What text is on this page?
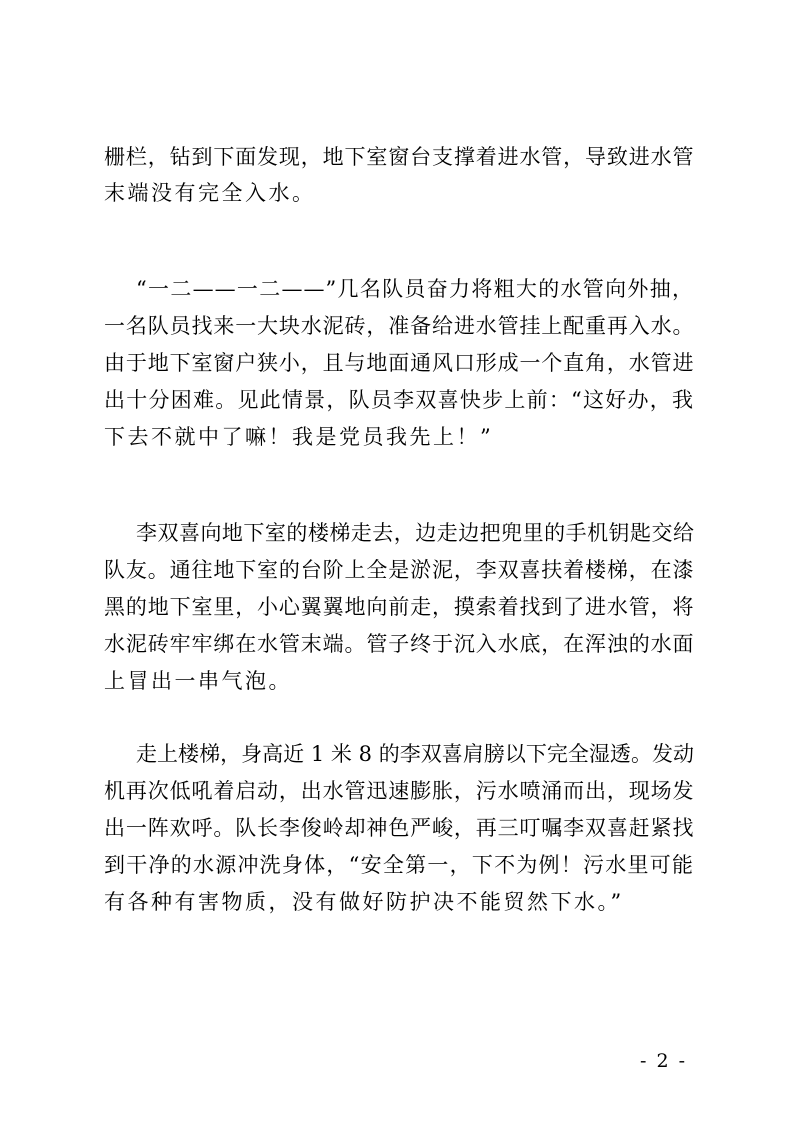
栅栏，钻到下面发现，地下室窗台支撑着进水管，导致进水管
末端没有完全入水。
“一二——一二——”几名队员奋力将粗大的水管向外抽，
一名队员找来一大块水泥砖，准备给进水管挂上配重再入水。
由于地下室窗户狭小，且与地面通风口形成一个直角，水管进
出十分困难。见此情景，队员李双喜快步上前：“这好办，我
下去不就中了嘛！我是党员我先上！”
李双喜向地下室的楼梯走去，边走边把兜里的手机钥匙交给
队友。通往地下室的台阶上全是淤泥，李双喜扶着楼梯，在漆
黑的地下室里，小心翼翼地向前走，摸索着找到了进水管，将
水泥砖牢牢绑在水管末端。管子终于沉入水底，在浑浊的水面
上冒出一串气泡。
走上楼梯，身高近 1 米 8 的李双喜肩膀以下完全湿透。发动
机再次低吼着启动，出水管迅速膨胀，污水喷涌而出，现场发
出一阵欢呼。队长李俊岭却神色严峻，再三叮嘱李双喜赶紧找
到干净的水源冲洗身体，“安全第一，下不为例！污水里可能
有各种有害物质，没有做好防护决不能贸然下水。”
- 2 -
